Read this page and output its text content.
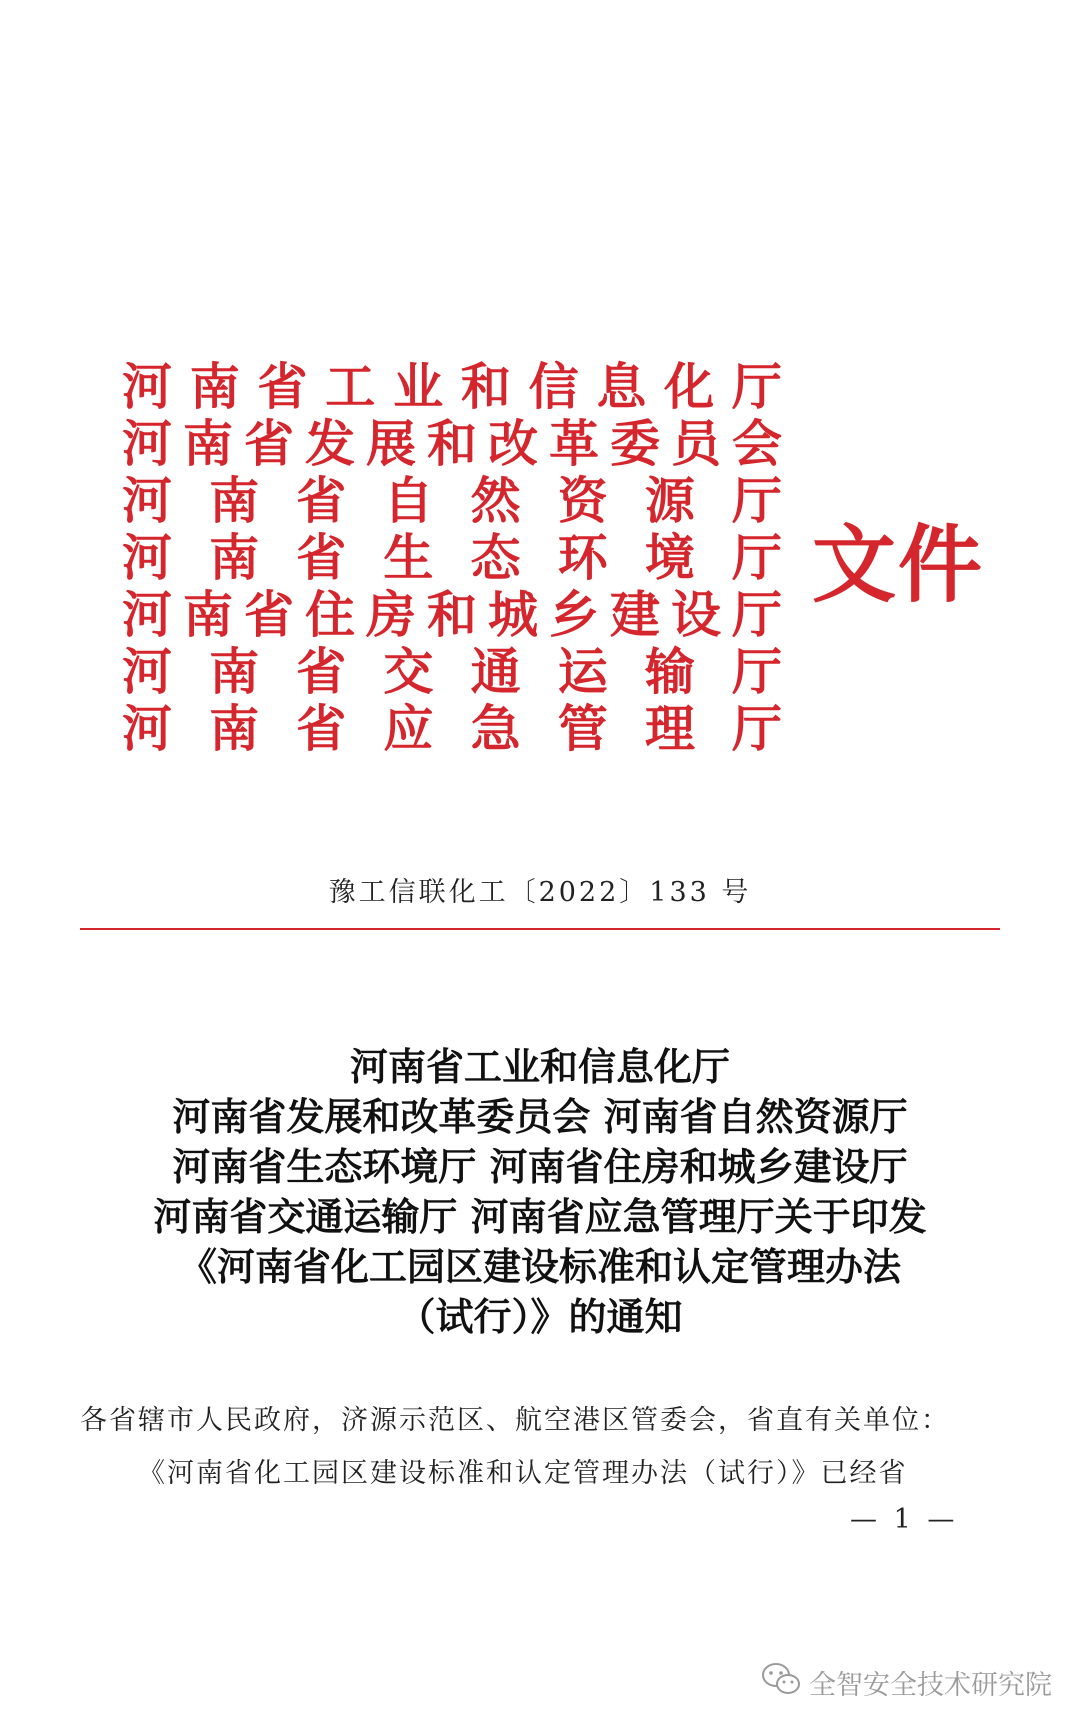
河 南 省 工 业 和 信 息 化 厅
河 南 省 发 展 和 改 革 委 员 会
河 南 省 自 然 资 源 厅
河 南 省 生 态 环 境 厅
河 南 省 住 房 和 城 乡 建 设 厅
河 南 省 交 通 运 输 厅
河 南 省 应 急 管 理 厅
文件
豫工信联化工〔2022〕133 号
河南省工业和信息化厅
河南省发展和改革委员会 河南省自然资源厅
河南省生态环境厅 河南省住房和城乡建设厅
河南省交通运输厅 河南省应急管理厅关于印发
《河南省化工园区建设标准和认定管理办法
（试行）》的通知
各省辖市人民政府，济源示范区、航空港区管委会，省直有关单位：
《河南省化工园区建设标准和认定管理办法（试行）》已经省
— 1 —
全智安全技术研究院
